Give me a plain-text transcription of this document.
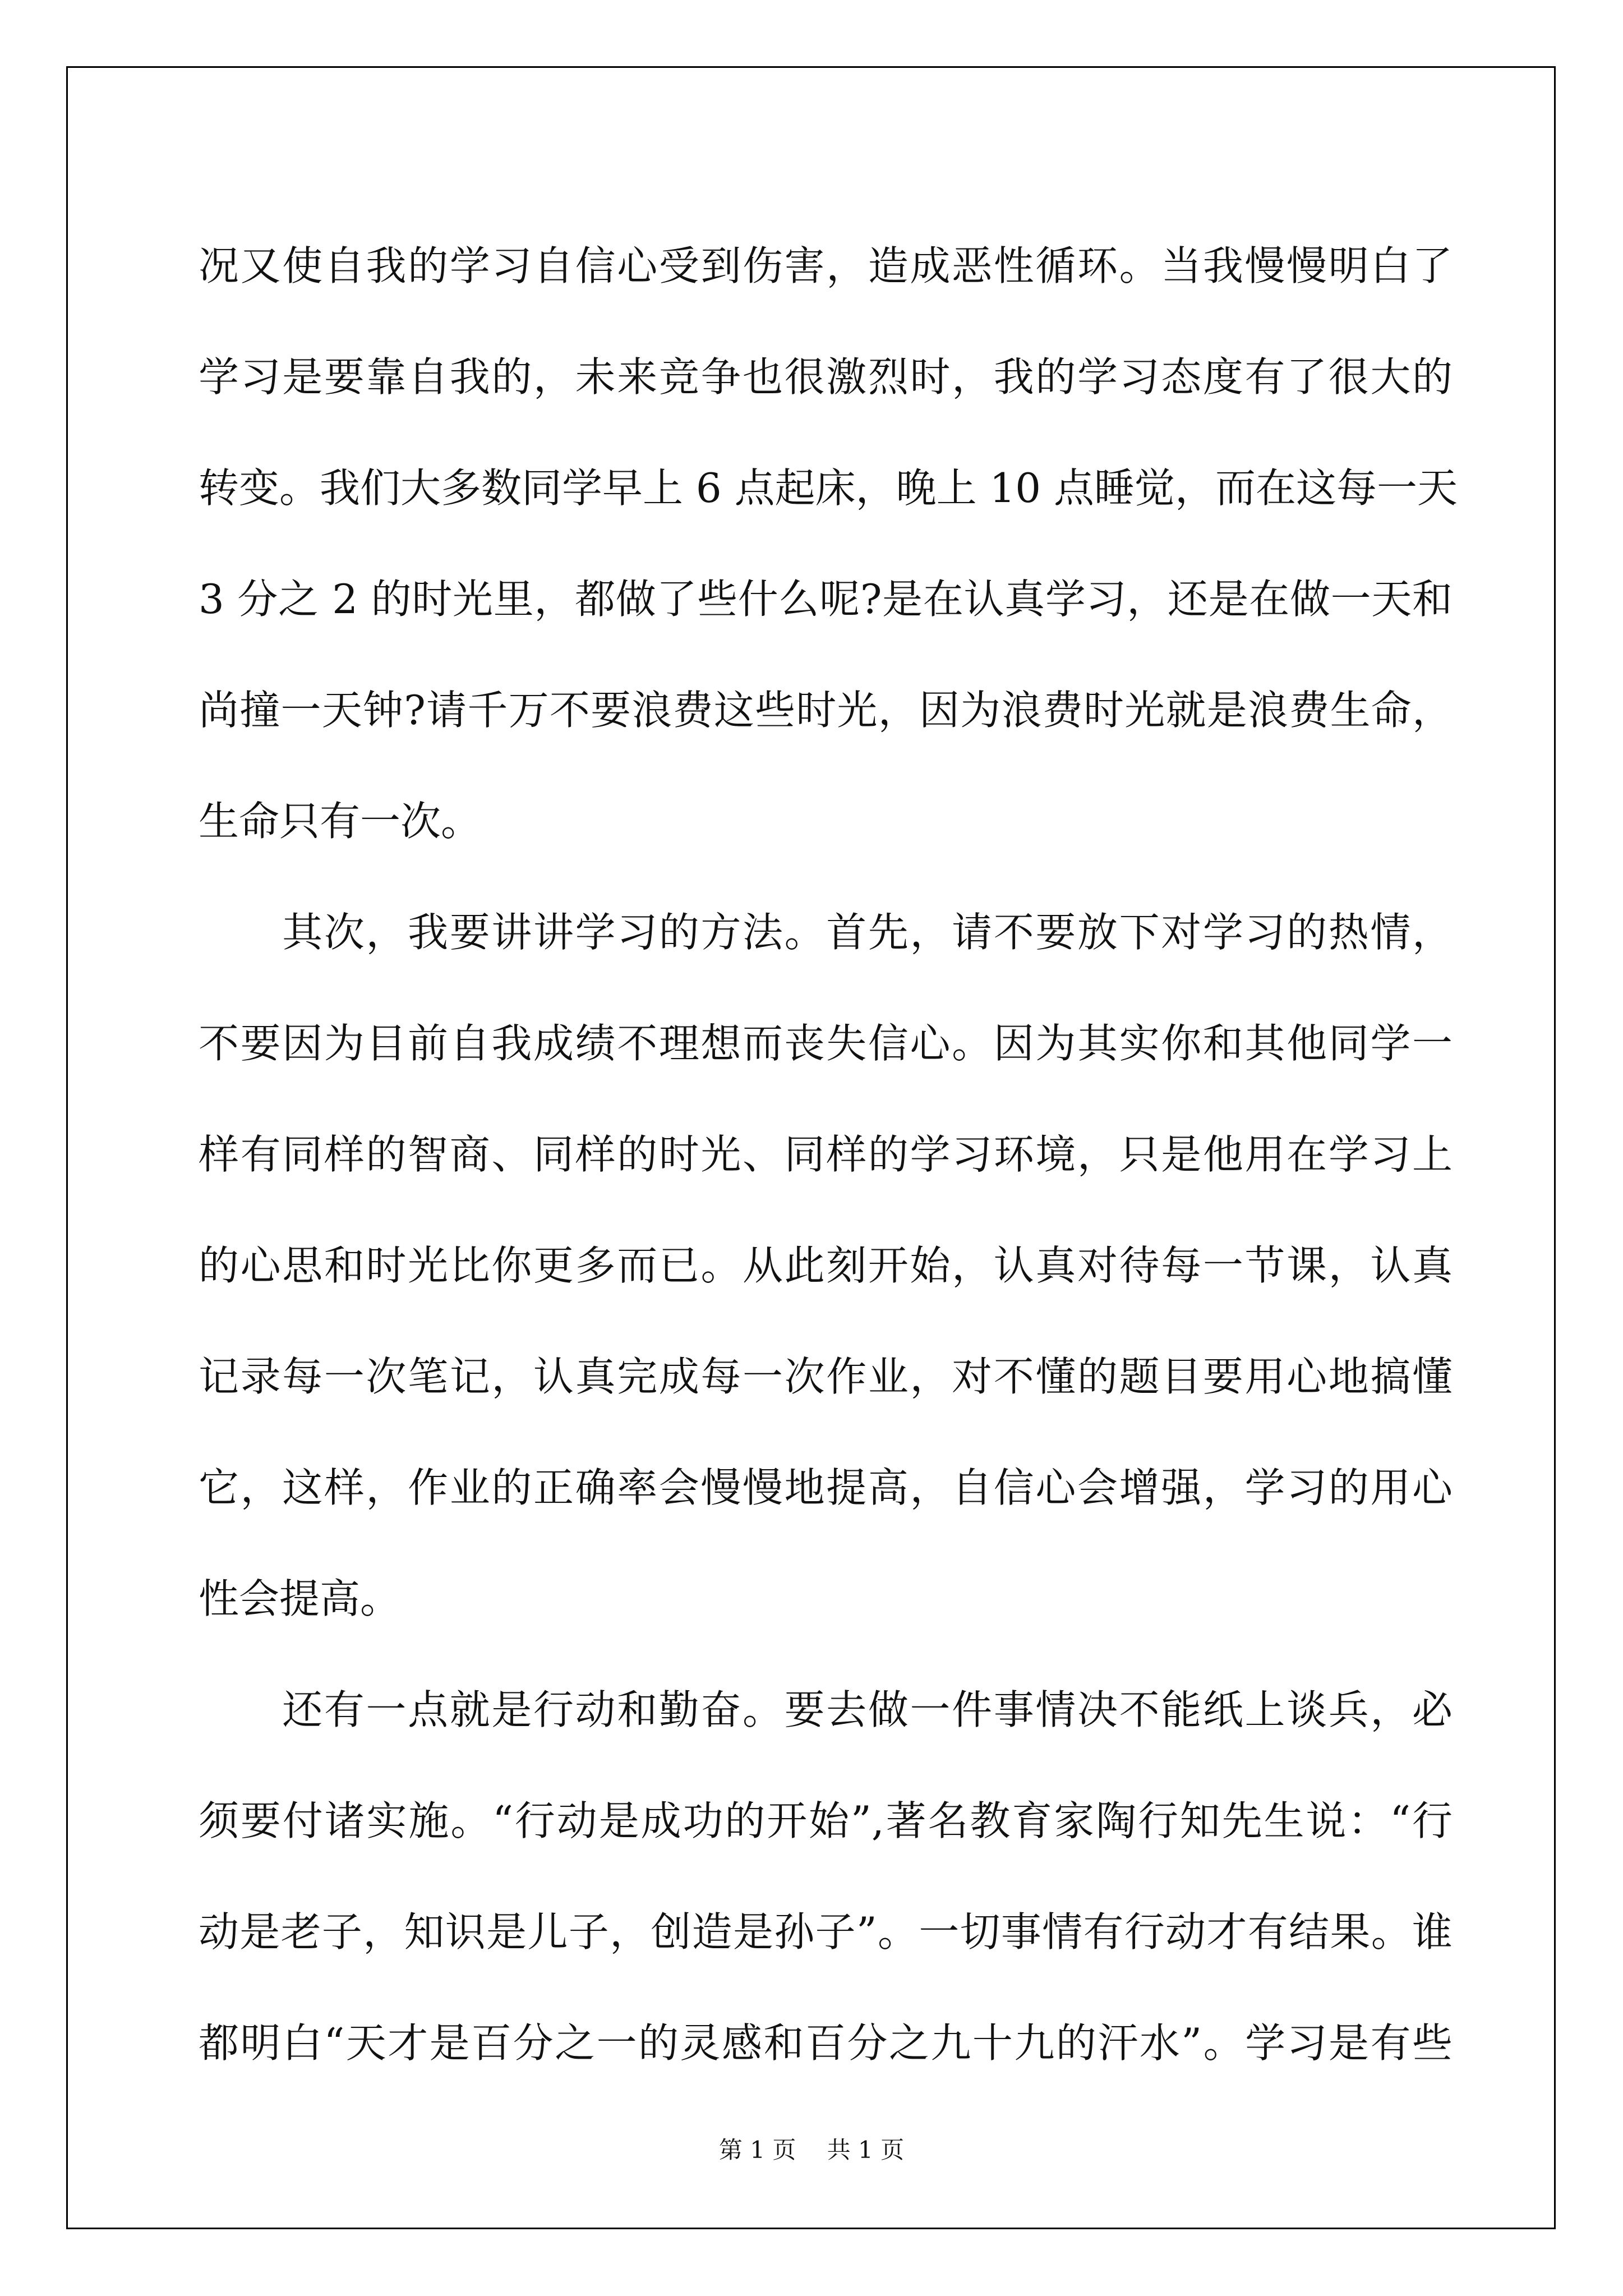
况又使自我的学习自信心受到伤害，造成恶性循环。当我慢慢明白了
学习是要靠自我的，未来竞争也很激烈时，我的学习态度有了很大的
转变。我们大多数同学早上 6 点起床，晚上 10 点睡觉，而在这每一天
3 分之 2 的时光里，都做了些什么呢?是在认真学习，还是在做一天和
尚撞一天钟?请千万不要浪费这些时光，因为浪费时光就是浪费生命，
生命只有一次。
　　其次，我要讲讲学习的方法。首先，请不要放下对学习的热情，
不要因为目前自我成绩不理想而丧失信心。因为其实你和其他同学一
样有同样的智商、同样的时光、同样的学习环境，只是他用在学习上
的心思和时光比你更多而已。从此刻开始，认真对待每一节课，认真
记录每一次笔记，认真完成每一次作业，对不懂的题目要用心地搞懂
它，这样，作业的正确率会慢慢地提高，自信心会增强，学习的用心
性会提高。
　　还有一点就是行动和勤奋。要去做一件事情决不能纸上谈兵，必
须要付诸实施。“行动是成功的开始”,著名教育家陶行知先生说：“行
动是老子，知识是儿子，创造是孙子”。一切事情有行动才有结果。谁
都明白“天才是百分之一的灵感和百分之九十九的汗水”。学习是有些
第 1 页　 共 1 页
